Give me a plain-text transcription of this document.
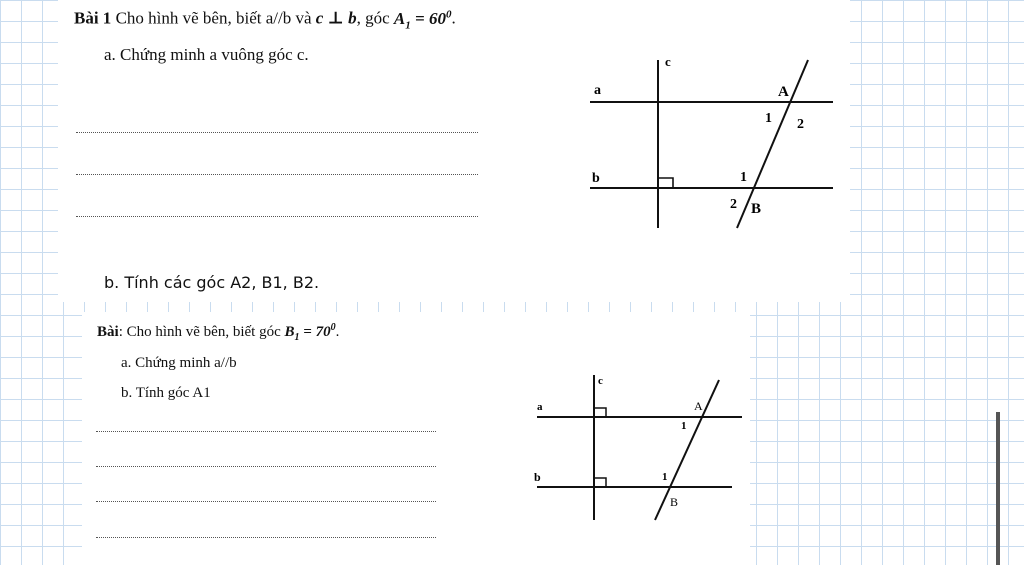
Bài 1 Cho hình vẽ bên, biết a//b và c ⊥ b, góc $A_1 = 60^0$.
a. Chứng minh a vuông góc c.
b. Tính các góc A2, B1, B2.
c
a
b
A
1 2
1
2 B
Bài: Cho hình vẽ bên, biết góc $B_1 = 70^0$.
a. Chứng minh a//b
b. Tính góc A1
c
a
b
A
1
1
B
